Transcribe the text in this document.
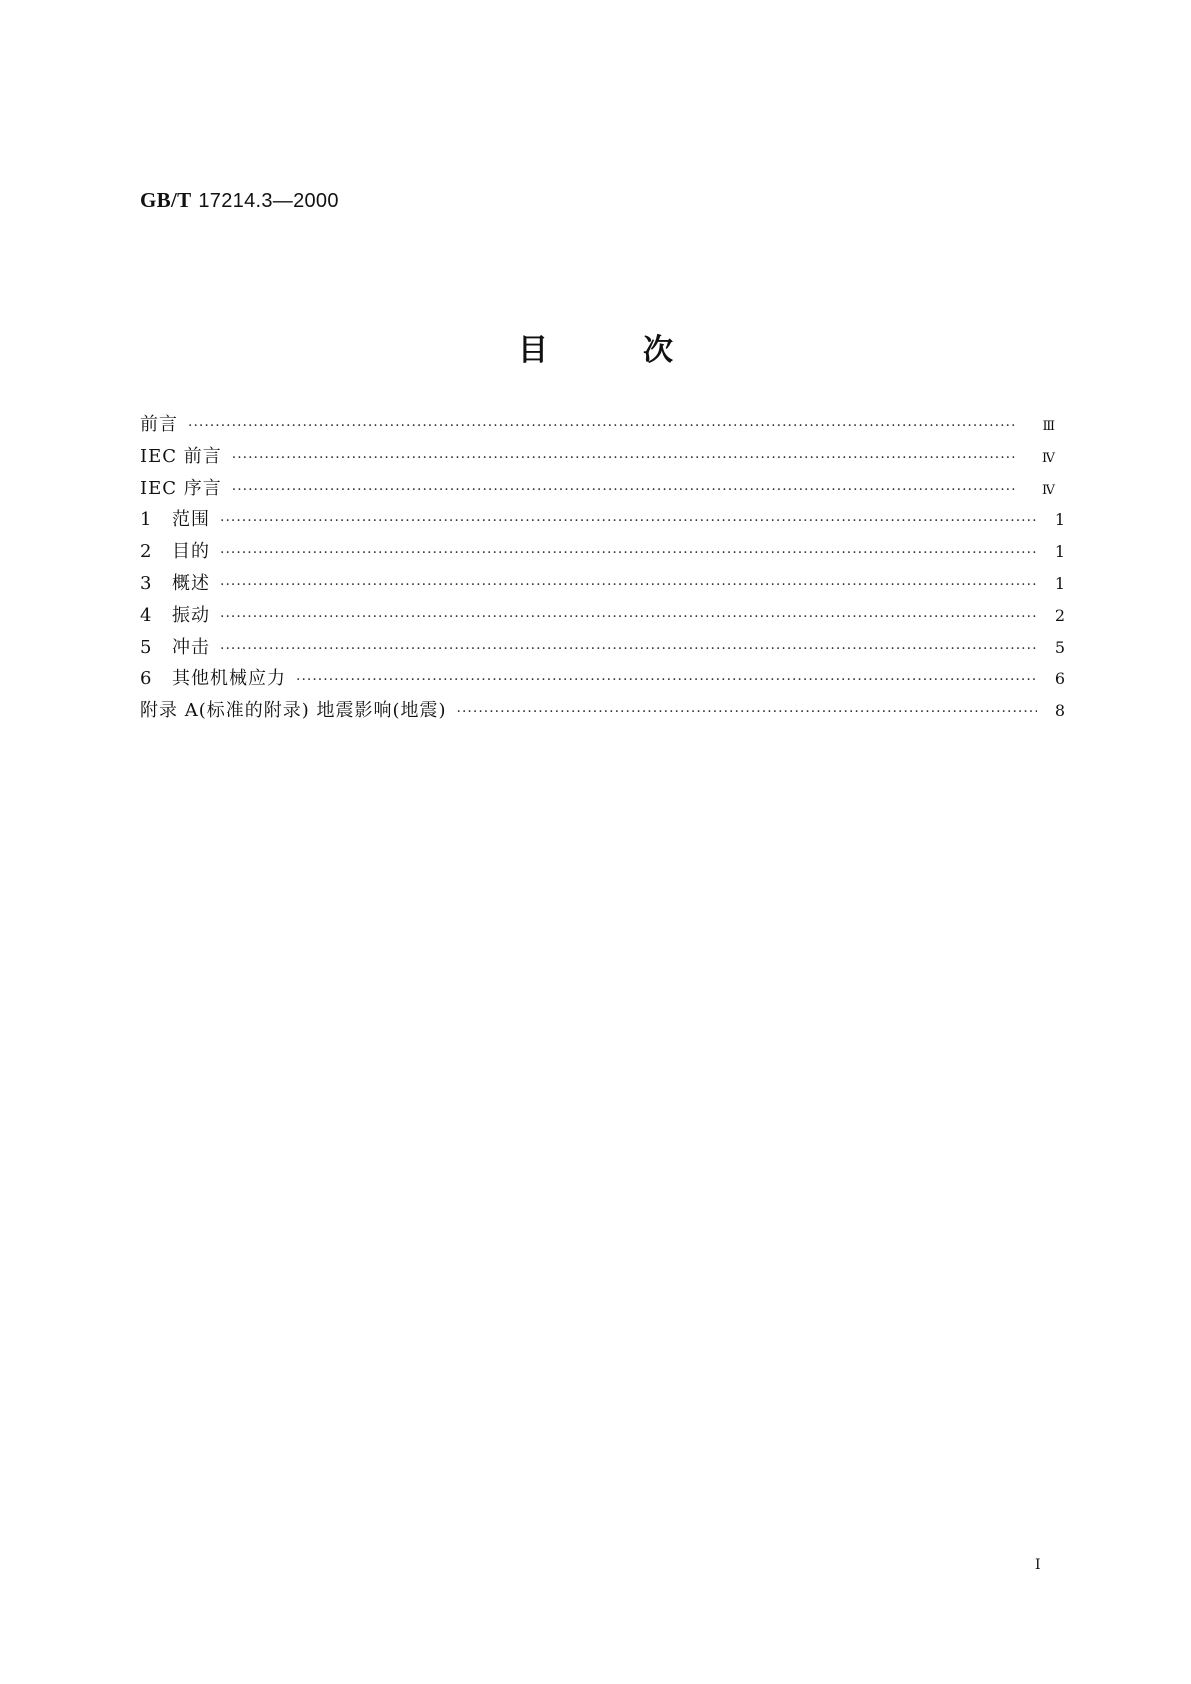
GB/T 17214.3—2000
目次
前言 ·····	Ⅲ
IEC 前言 ·····	Ⅳ
IEC 序言 ·····	Ⅳ
1	范围 ·····	1
2	目的 ·····	1
3	概述 ·····	1
4	振动 ·····	2
5	冲击 ·····	5
6	其他机械应力 ·····	6
附录 A(标准的附录) 地震影响(地震) ·····	8
Ⅰ
